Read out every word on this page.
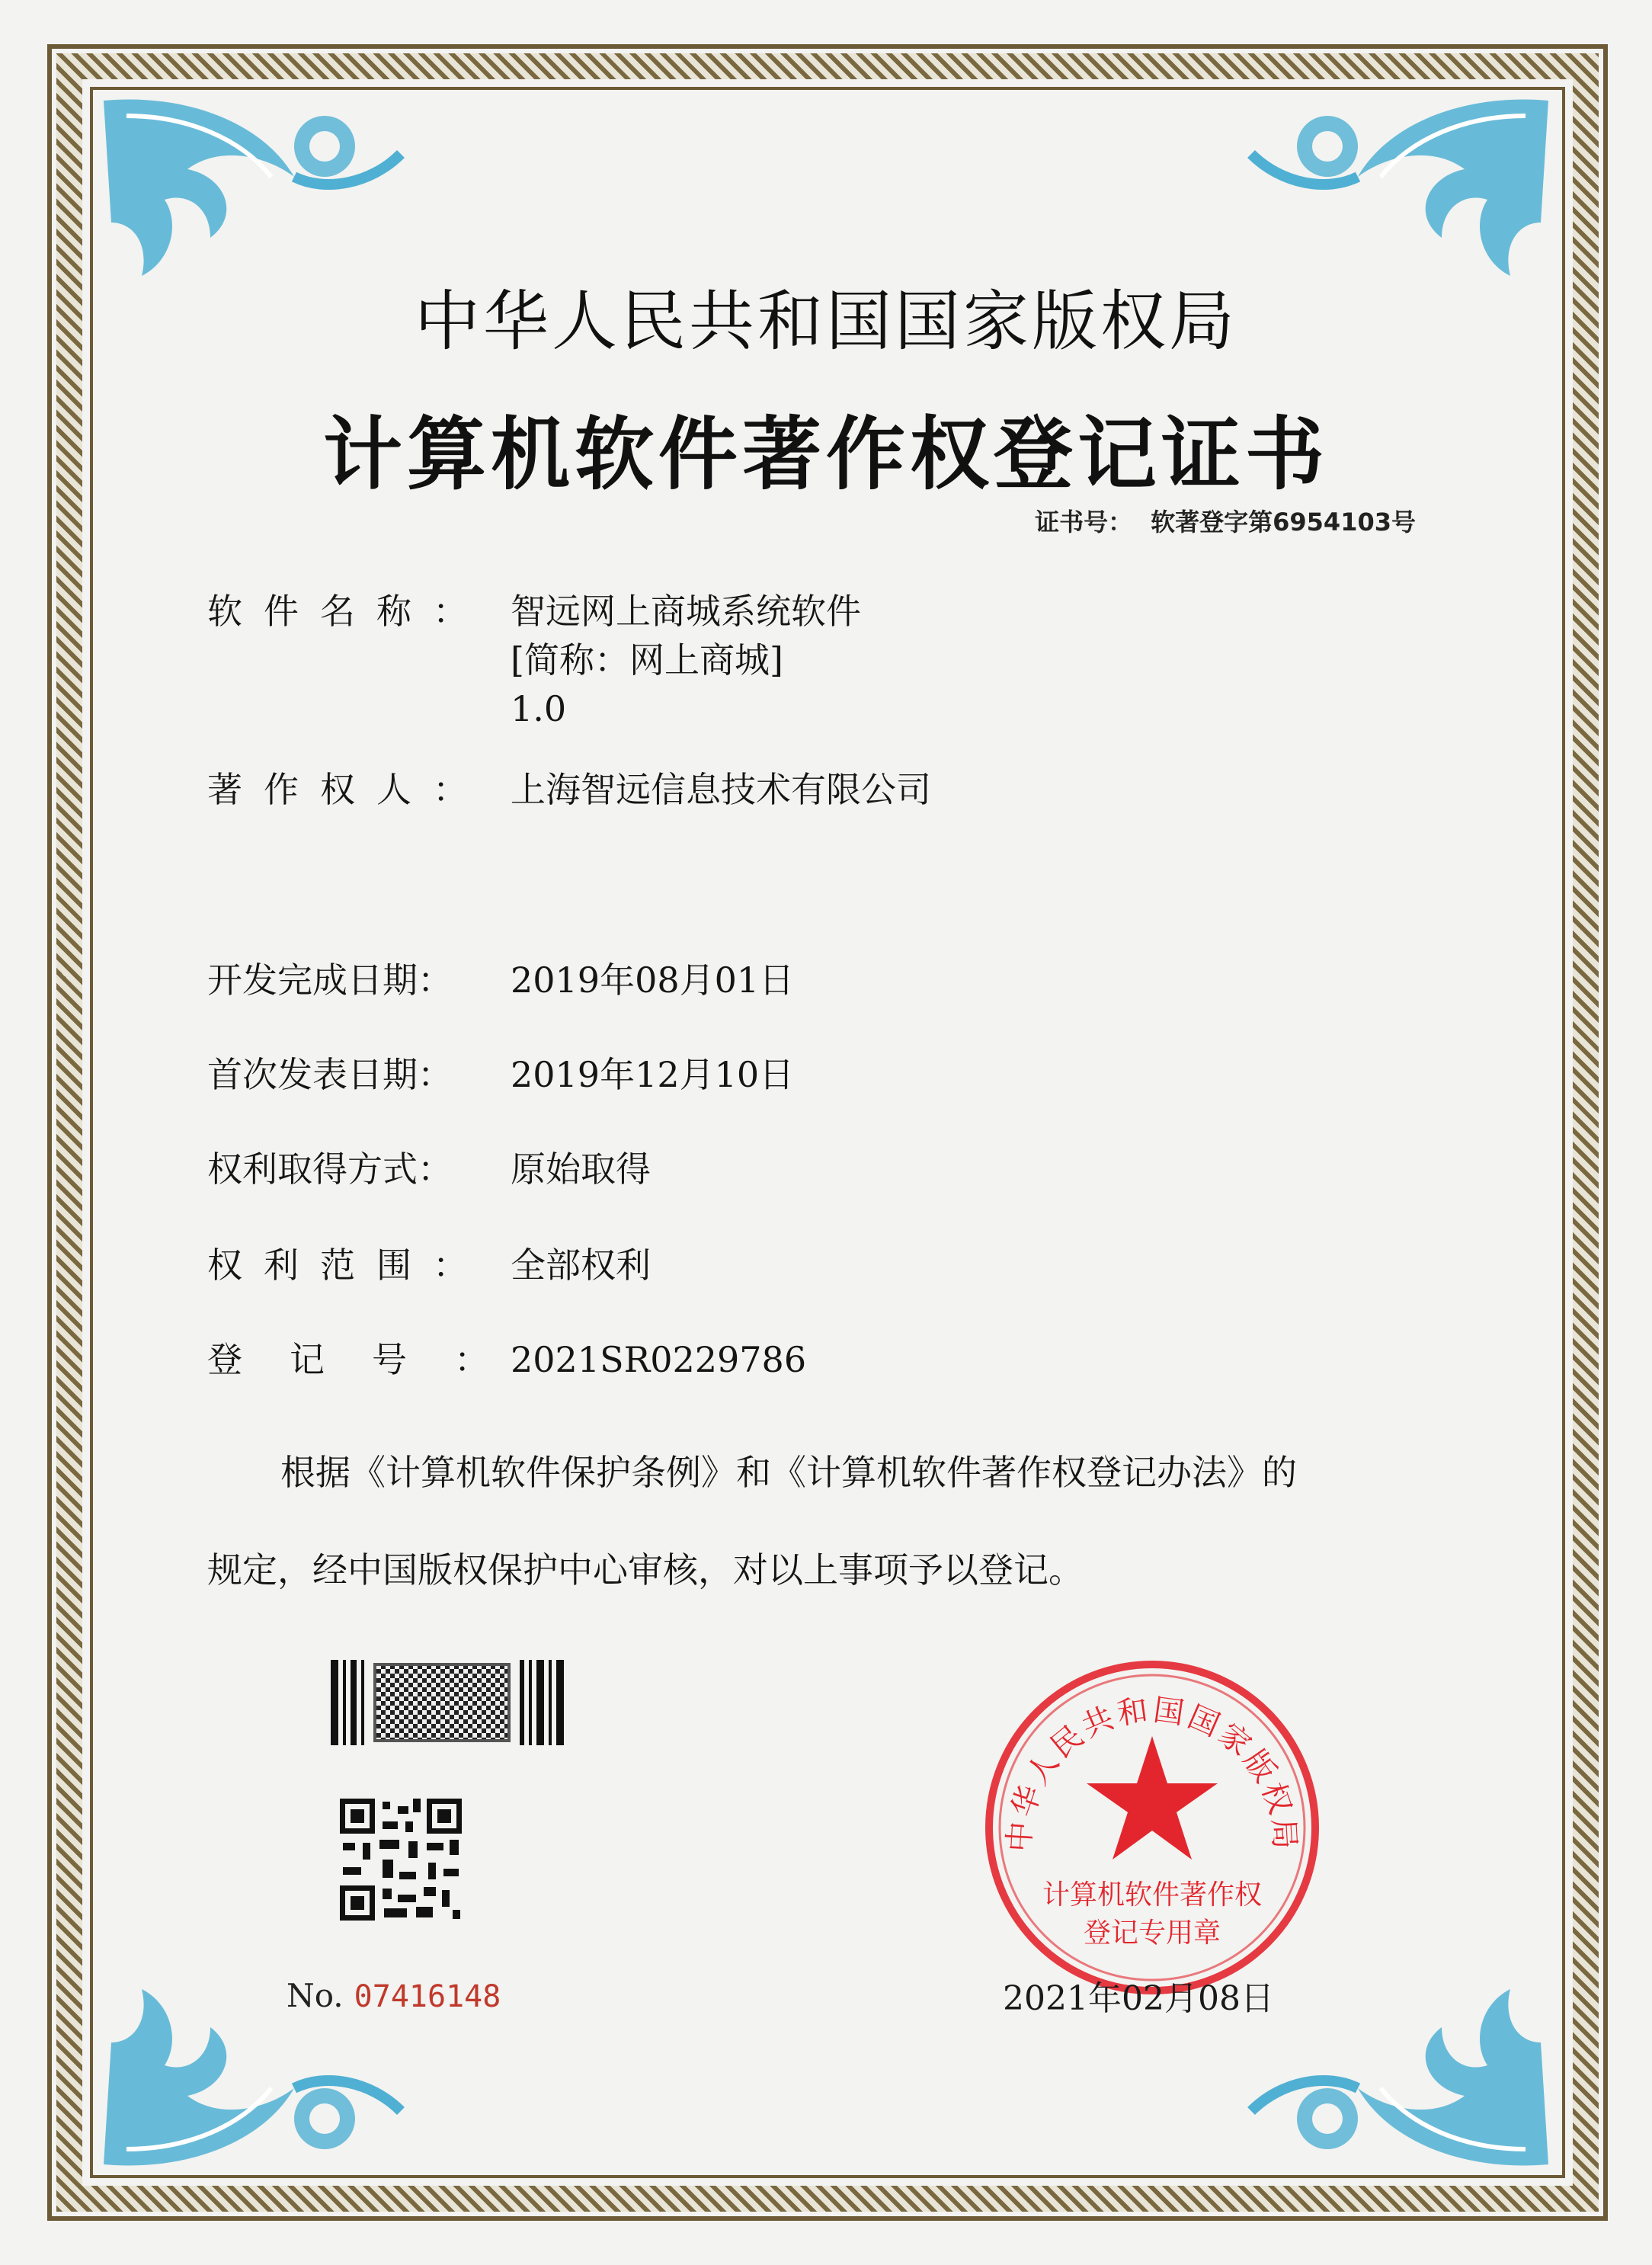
中华人民共和国国家版权局
计算机软件著作权登记证书
证书号： 软著登字第6954103号
软件名称： 智远网上商城系统软件
[简称：网上商城]
1.0
著作权人： 上海智远信息技术有限公司
开发完成日期：	2019年08月01日
首次发表日期：	2019年12月10日
权利取得方式：	原始取得
权利范围： 全部权利
登记号：
2021SR0229786
根据《计算机软件保护条例》和《计算机软件著作权登记办法》的
规定，经中国版权保护中心审核，对以上事项予以登记。
No. 07416148
中华人民共和国国家版权局
计算机软件著作权
登记专用章
2021年02月08日
